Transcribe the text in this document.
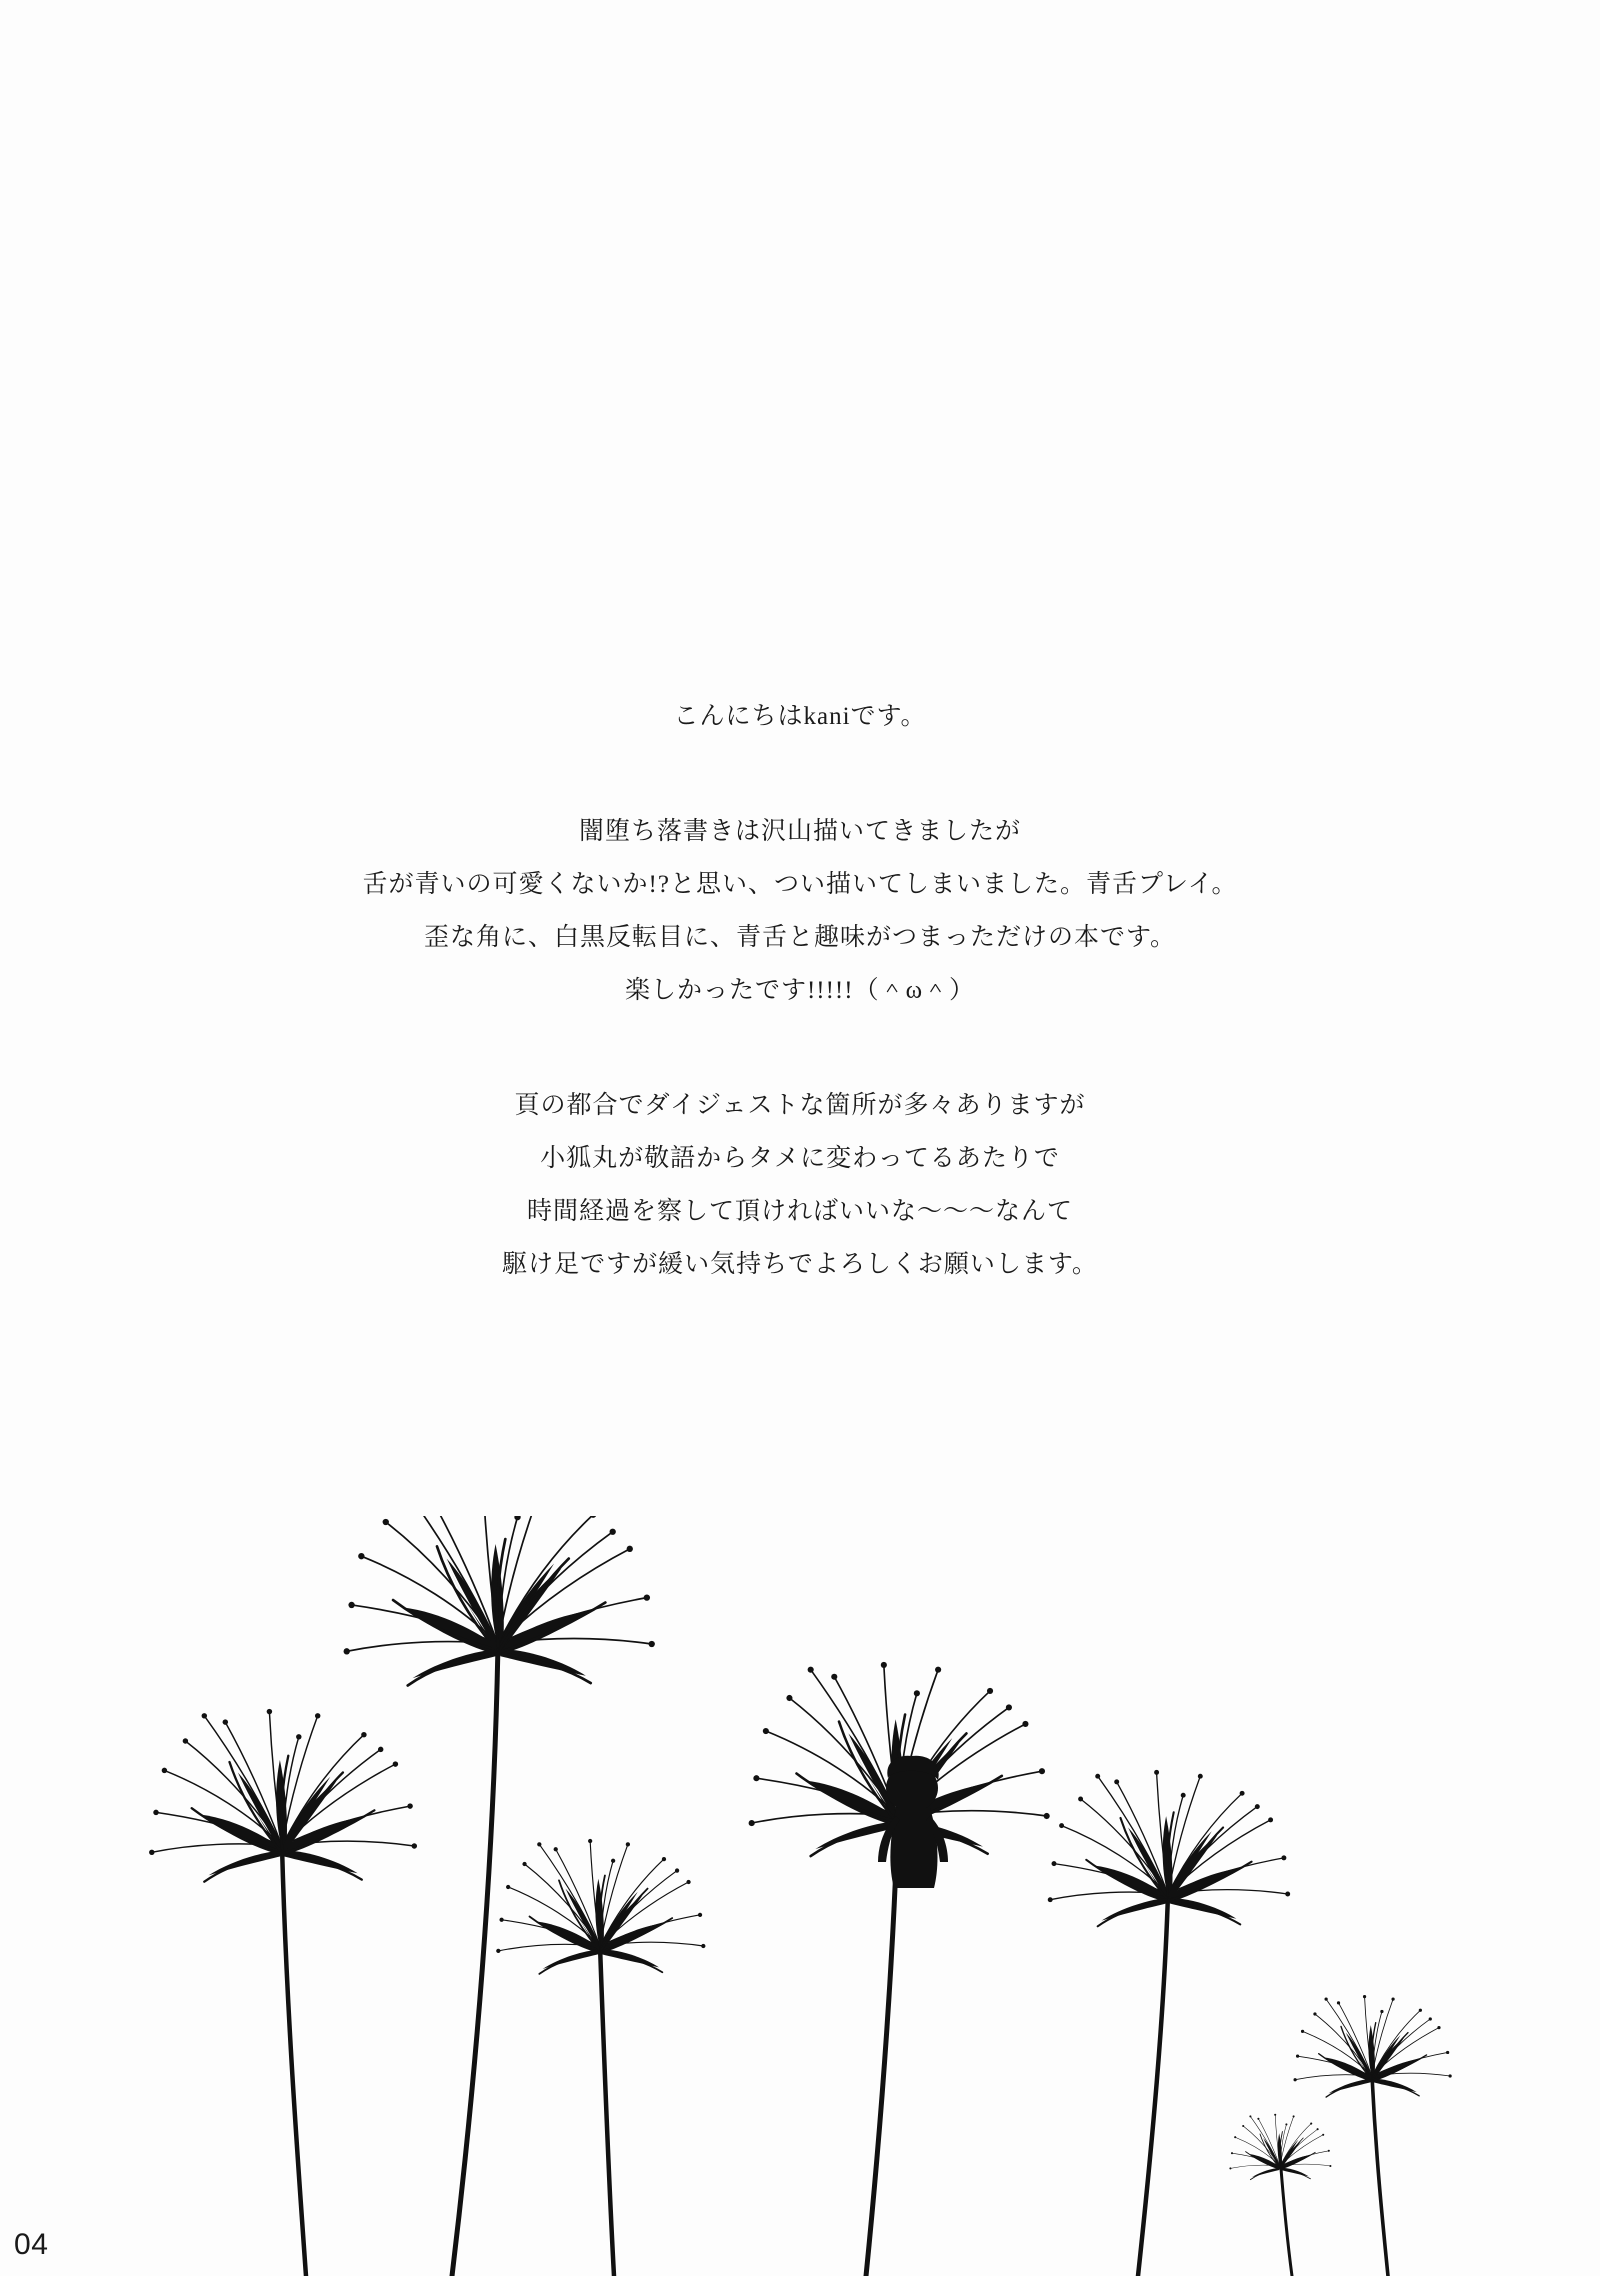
こんにちはkaniです。
闇堕ち落書きは沢山描いてきましたが
舌が青いの可愛くないか!?と思い、つい描いてしまいました。青舌プレイ。
歪な角に、白黒反転目に、青舌と趣味がつまっただけの本です。
楽しかったです!!!!!（＾ω＾）
頁の都合でダイジェストな箇所が多々ありますが
小狐丸が敬語からタメに変わってるあたりで
時間経過を察して頂ければいいな〜〜〜なんて
駆け足ですが緩い気持ちでよろしくお願いします。
04
